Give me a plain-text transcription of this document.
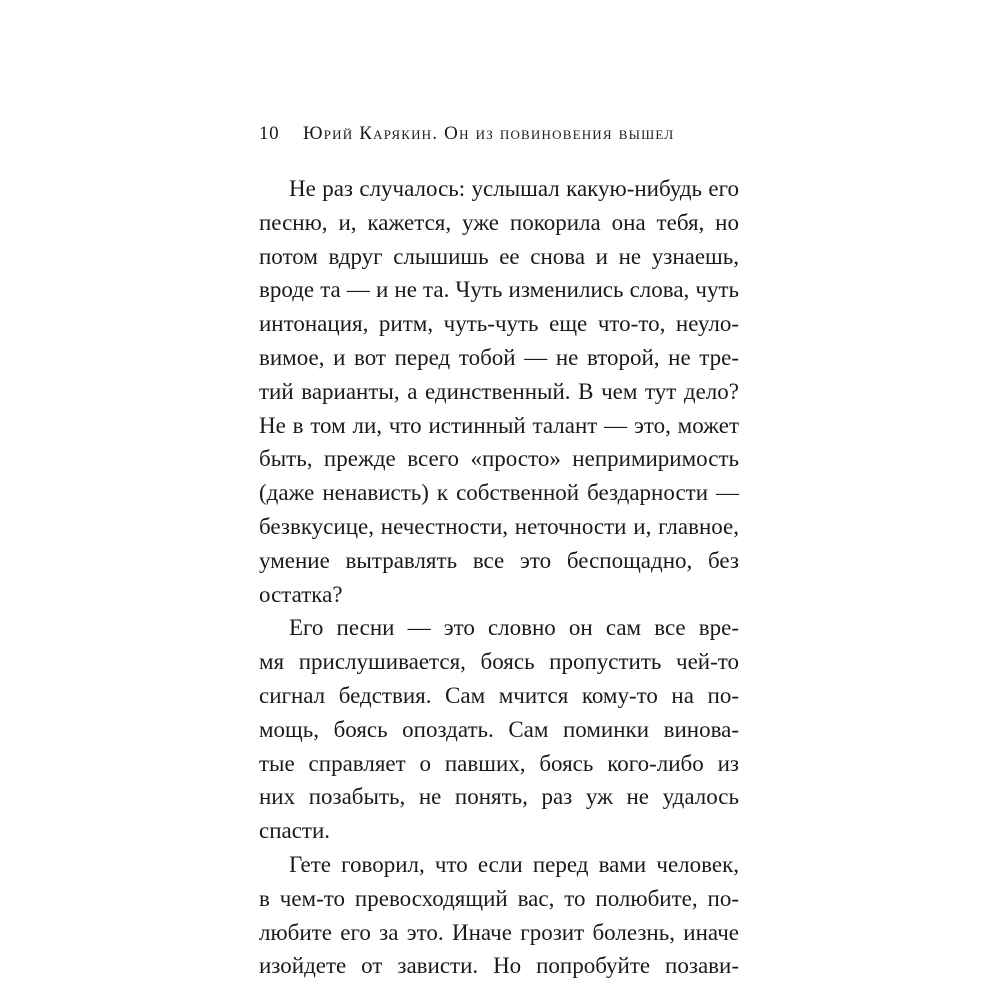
10 Юрий Карякин. Он из повиновения вышел
Не раз случалось: услышал какую-нибудь его
песню, и, кажется, уже покорила она тебя, но
потом вдруг слышишь ее снова и не узнаешь,
вроде та — и не та. Чуть изменились слова, чуть
интонация, ритм, чуть-чуть еще что-то, неуло-
вимое, и вот перед тобой — не второй, не тре-
тий варианты, а единственный. В чем тут дело?
Не в том ли, что истинный талант — это, может
быть, прежде всего «просто» непримиримость
(даже ненависть) к собственной бездарности —
безвкусице, нечестности, неточности и, главное,
умение вытравлять все это беспощадно, без
остатка?
Его песни — это словно он сам все вре-
мя прислушивается, боясь пропустить чей-то
сигнал бедствия. Сам мчится кому-то на по-
мощь, боясь опоздать. Сам поминки винова-
тые справляет о павших, боясь кого-либо из
них позабыть, не понять, раз уж не удалось
спасти.
Гете говорил, что если перед вами человек,
в чем-то превосходящий вас, то полюбите, по-
любите его за это. Иначе грозит болезнь, иначе
изойдете от зависти. Но попробуйте позави-
